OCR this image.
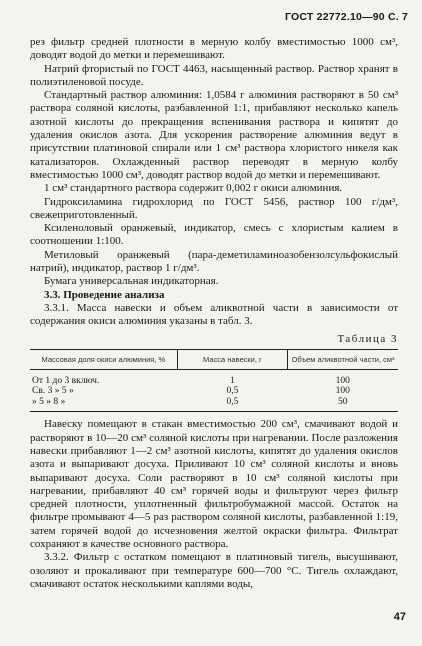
ГОСТ 22772.10—90 С. 7

рез фильтр средней плотности в мерную колбу вместимостью 1000 см³, доводят водой до метки и перемешивают.

Натрий фтористый по ГОСТ 4463, насыщенный раствор. Раствор хранят в полиэтиленовой посуде.

Стандартный раствор алюминия: 1,0584 г алюминия растворяют в 50 см³ раствора соляной кислоты, разбавленной 1:1, прибавляют несколько капель азотной кислоты до прекращения вспенивания раствора и кипятят до удаления окислов азота. Для ускорения растворение алюминия ведут в присутствии платиновой спирали или 1 см³ раствора хлористого никеля как катализаторов. Охлажденный раствор переводят в мерную колбу вместимостью 1000 см³, доводят раствор водой до метки и перемешивают.

1 см³ стандартного раствора содержит 0,002 г окиси алюминия.

Гидроксиламина гидрохлорид по ГОСТ 5456, раствор 100 г/дм³, свежеприготовленный.

Ксиленоловый оранжевый, индикатор, смесь с хлористым калием в соотношении 1:100.

Метиловый оранжевый (пара-деметиламиноазобензолсульфокислый натрий), индикатор, раствор 1 г/дм³.

Бумага универсальная индикаторная.

3.3. Проведение анализа

3.3.1. Масса навески и объем аликвотной части в зависимости от содержания окиси алюминия указаны в табл. 3.

Таблица 3
Массовая доля окиси алюминия, %	Масса навески, г	Объем аликвотной части, см³
От 1 до 3 включ.	1	100
Св. 3 » 5 »	0,5	100
» 5 » 8 »	0,5	50

Навеску помещают в стакан вместимостью 200 см³, смачивают водой и растворяют в 10—20 см³ соляной кислоты при нагревании. После разложения навески прибавляют 1—2 см³ азотной кислоты, кипятят до удаления окислов азота и выпаривают досуха. Приливают 10 см³ соляной кислоты и вновь выпаривают досуха. Соли растворяют в 10 см³ соляной кислоты при нагревании, прибавляют 40 см³ горячей воды и фильтруют через фильтр средней плотности, уплотненный фильтробумажной массой. Остаток на фильтре промывают 4—5 раз раствором соляной кислоты, разбавленной 1:19, затем горячей водой до исчезновения желтой окраски фильтра. Фильтрат сохраняют в качестве основного раствора.

3.3.2. Фильтр с остатком помещают в платиновый тигель, высушивают, озоляют и прокаливают при температуре 600—700 °С. Тигель охлаждают, смачивают остаток несколькими каплями воды,

47
